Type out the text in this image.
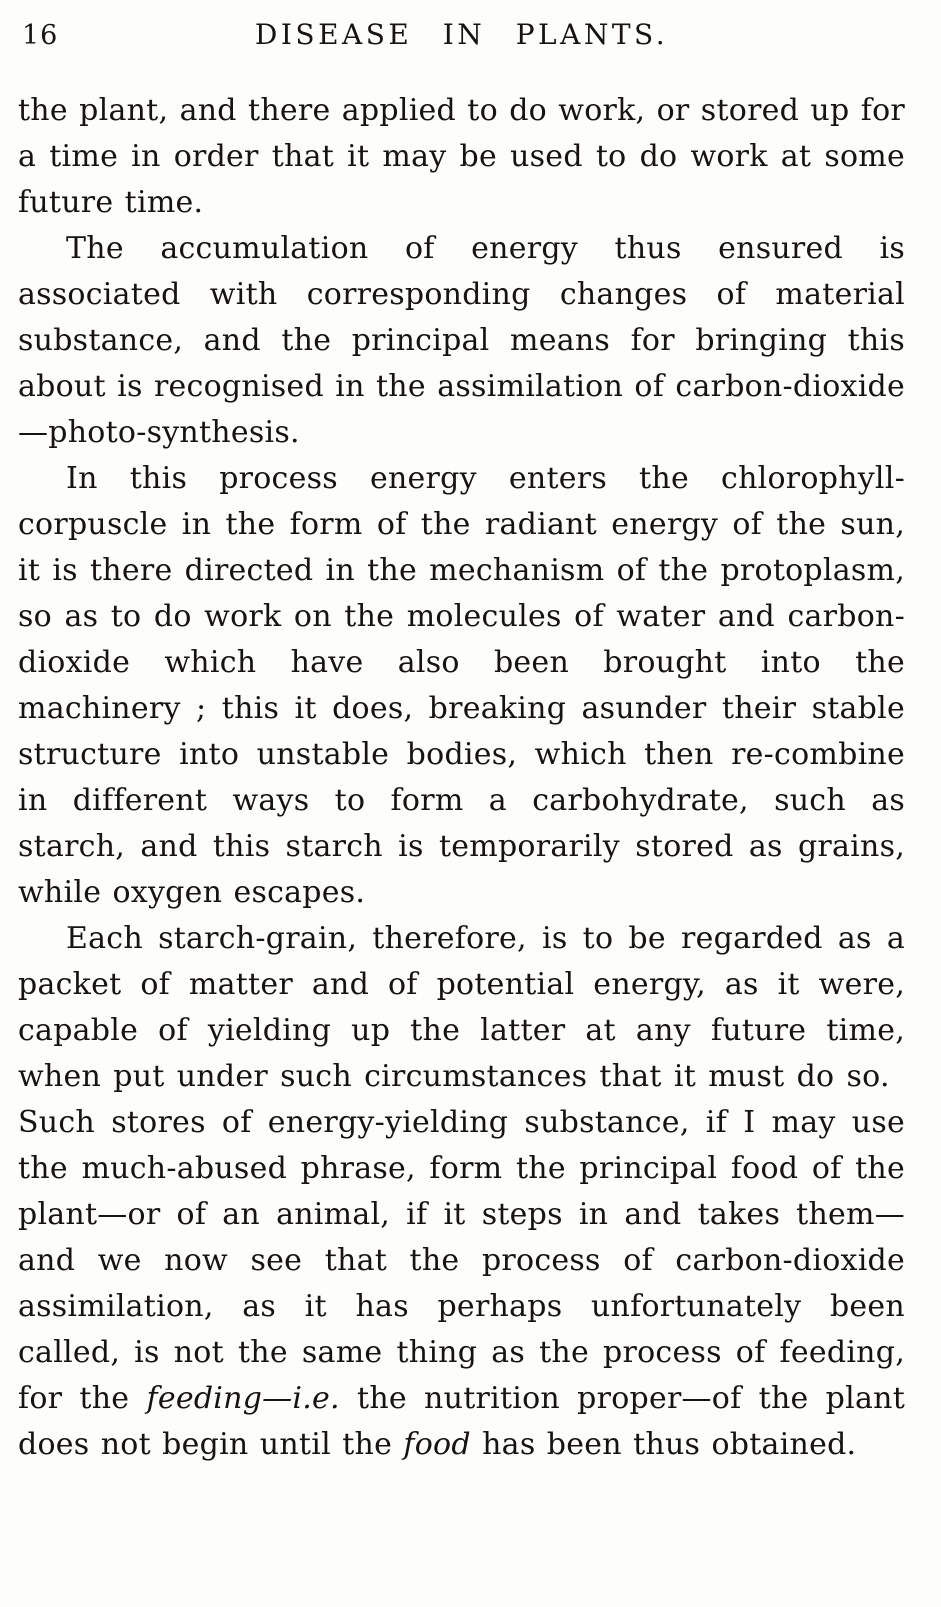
16	DISEASE IN PLANTS.

the plant, and there applied to do work, or stored up for a time in order that it may be used to do work at some future time.

The accumulation of energy thus ensured is associated with corresponding changes of material substance, and the principal means for bringing this about is recognised in the assimilation of carbon-dioxide—photo-synthesis.

In this process energy enters the chlorophyll-corpuscle in the form of the radiant energy of the sun, it is there directed in the mechanism of the protoplasm, so as to do work on the molecules of water and carbon-dioxide which have also been brought into the machinery ; this it does, breaking asunder their stable structure into unstable bodies, which then re-combine in different ways to form a carbohydrate, such as starch, and this starch is temporarily stored as grains, while oxygen escapes.

Each starch-grain, therefore, is to be regarded as a packet of matter and of potential energy, as it were, capable of yielding up the latter at any future time, when put under such circumstances that it must do so. Such stores of energy-yielding substance, if I may use the much-abused phrase, form the principal food of the plant—or of an animal, if it steps in and takes them—and we now see that the process of carbon-dioxide assimilation, as it has perhaps unfortunately been called, is not the same thing as the process of feeding, for the feeding—i.e. the nutrition proper—of the plant does not begin until the food has been thus obtained.
